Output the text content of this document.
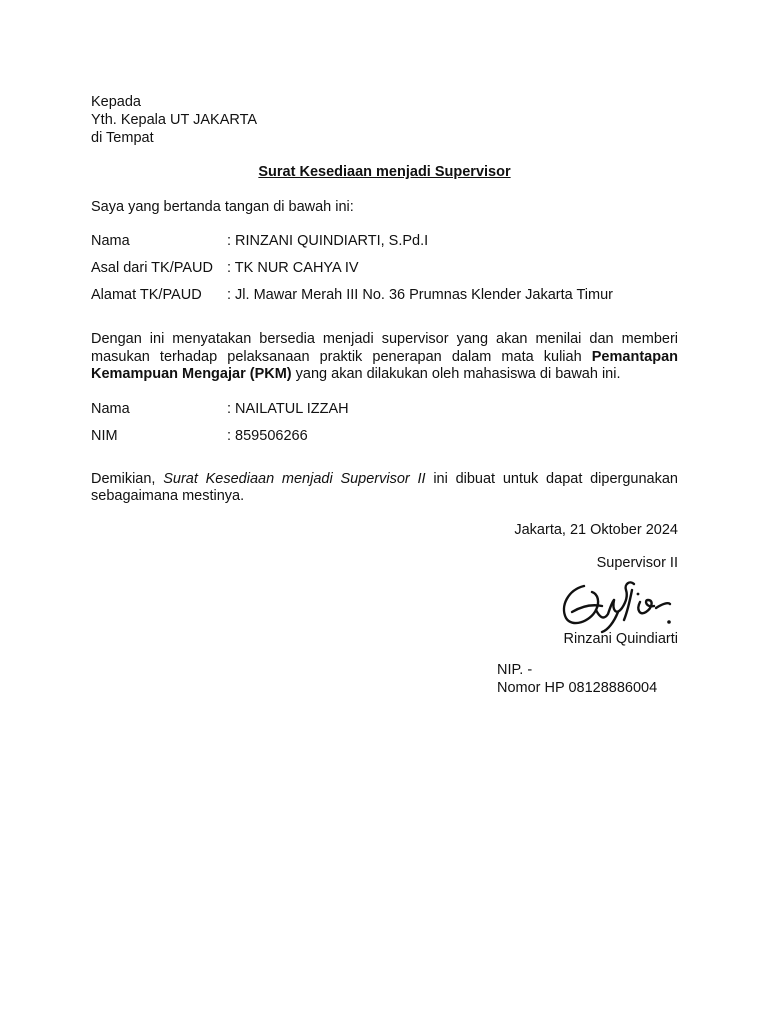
Kepada
Yth. Kepala UT JAKARTA
di Tempat
Surat Kesediaan menjadi Supervisor
Saya yang bertanda tangan di bawah ini:
Nama	: RINZANI QUINDIARTI, S.Pd.I
Asal dari TK/PAUD : TK NUR CAHYA IV
Alamat TK/PAUD	: Jl. Mawar Merah III No. 36 Prumnas Klender Jakarta Timur
Dengan ini menyatakan bersedia menjadi supervisor yang akan menilai dan memberi masukan terhadap pelaksanaan praktik penerapan dalam mata kuliah Pemantapan Kemampuan Mengajar (PKM) yang akan dilakukan oleh mahasiswa di bawah ini.
Nama	: NAILATUL IZZAH
NIM	: 859506266
Demikian, Surat Kesediaan menjadi Supervisor II ini dibuat untuk dapat dipergunakan sebagaimana mestinya.
Jakarta, 21 Oktober 2024
Supervisor II
Rinzani Quindiarti
NIP. -
Nomor HP 08128886004
